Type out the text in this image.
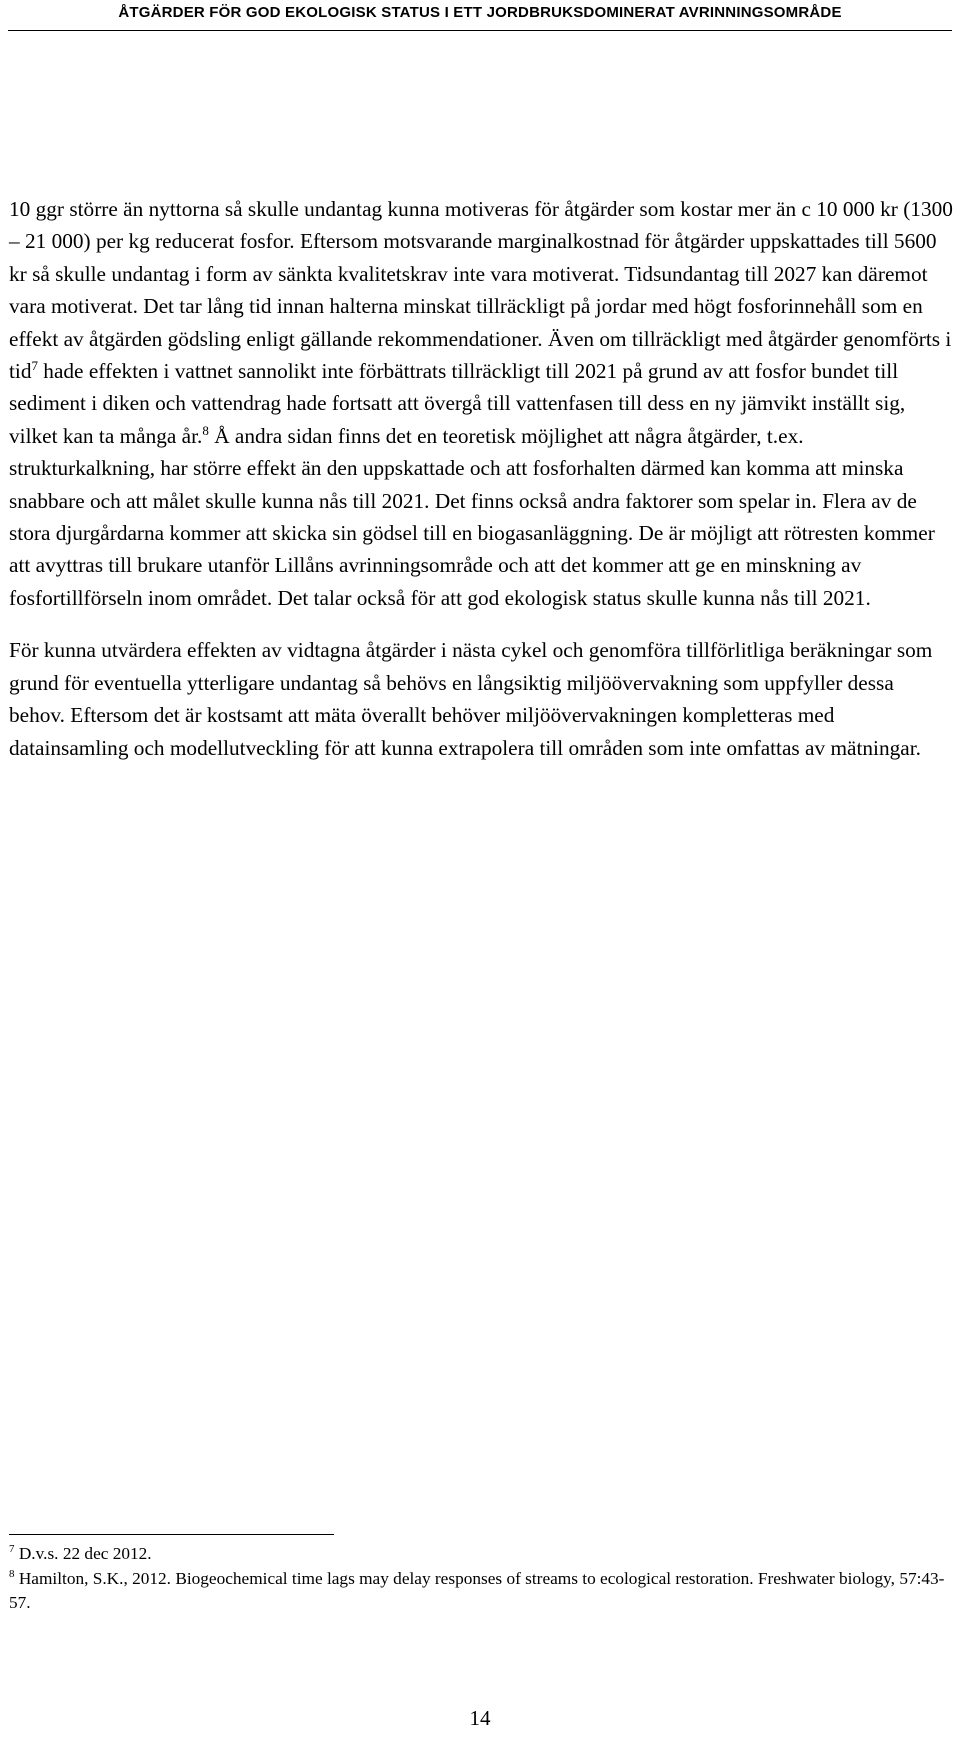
ÅTGÄRDER FÖR GOD EKOLOGISK STATUS I ETT JORDBRUKSDOMINERAT AVRINNINGSOMRÅDE

10 ggr större än nyttorna så skulle undantag kunna motiveras för åtgärder som kostar mer än c 10 000 kr (1300 – 21 000) per kg reducerat fosfor. Eftersom motsvarande marginalkostnad för åtgärder uppskattades till 5600 kr så skulle undantag i form av sänkta kvalitetskrav inte vara motiverat. Tidsundantag till 2027 kan däremot vara motiverat. Det tar lång tid innan halterna minskat tillräckligt på jordar med högt fosforinnehåll som en effekt av åtgärden gödsling enligt gällande rekommendationer. Även om tillräckligt med åtgärder genomförts i tid$^7$ hade effekten i vattnet sannolikt inte förbättrats tillräckligt till 2021 på grund av att fosfor bundet till sediment i diken och vattendrag hade fortsatt att övergå till vattenfasen till dess en ny jämvikt inställt sig, vilket kan ta många år.$^8$ Å andra sidan finns det en teoretisk möjlighet att några åtgärder, t.ex. strukturkalkning, har större effekt än den uppskattade och att fosforhalten därmed kan komma att minska snabbare och att målet skulle kunna nås till 2021. Det finns också andra faktorer som spelar in. Flera av de stora djurgårdarna kommer att skicka sin gödsel till en biogasanläggning. De är möjligt att rötresten kommer att avyttras till brukare utanför Lillåns avrinningsområde och att det kommer att ge en minskning av fosfortillförseln inom området. Det talar också för att god ekologisk status skulle kunna nås till 2021.

För kunna utvärdera effekten av vidtagna åtgärder i nästa cykel och genomföra tillförlitliga beräkningar som grund för eventuella ytterligare undantag så behövs en långsiktig miljöövervakning som uppfyller dessa behov. Eftersom det är kostsamt att mäta överallt behöver miljöövervakningen kompletteras med datainsamling och modellutveckling för att kunna extrapolera till områden som inte omfattas av mätningar.

$^7$ D.v.s. 22 dec 2012.

$^8$ Hamilton, S.K., 2012. Biogeochemical time lags may delay responses of streams to ecological restoration. Freshwater biology, 57:43-57.

14
